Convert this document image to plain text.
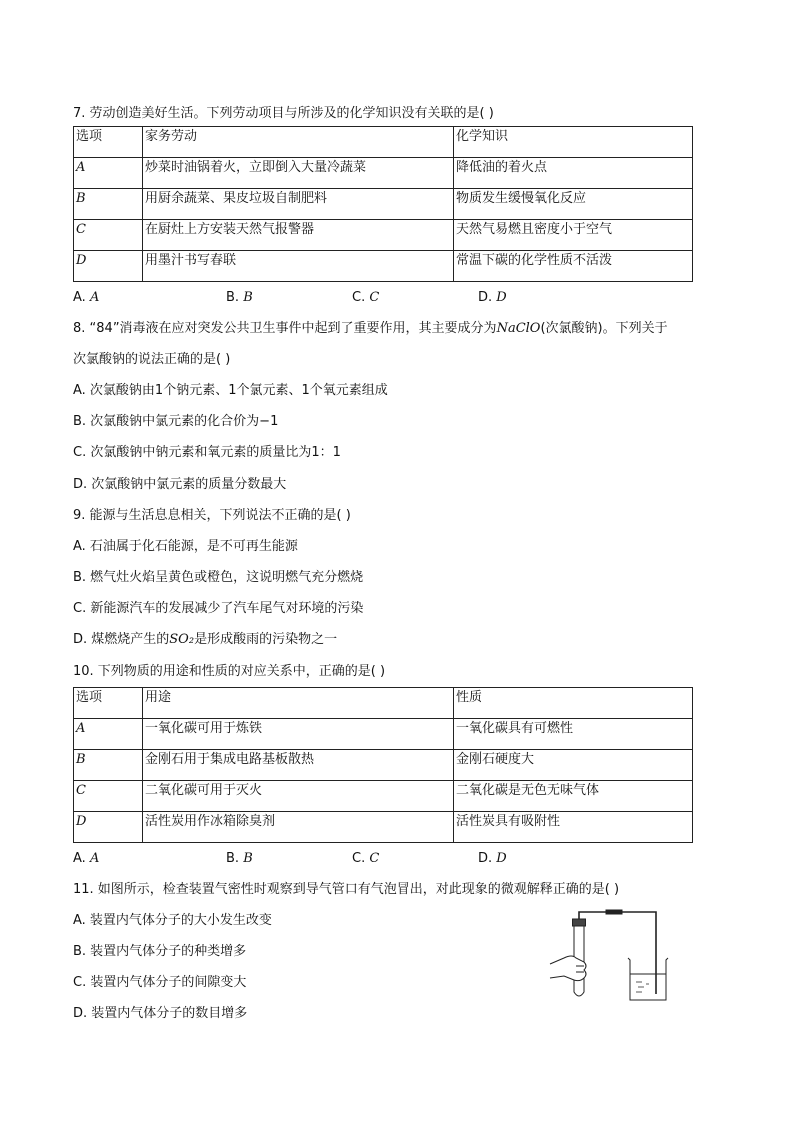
7. 劳动创造美好生活。下列劳动项目与所涉及的化学知识没有关联的是( )
选项	家务劳动	化学知识
A	炒菜时油锅着火，立即倒入大量冷蔬菜	降低油的着火点
B	用厨余蔬菜、果皮垃圾自制肥料	物质发生缓慢氧化反应
C	在厨灶上方安装天然气报警器	天然气易燃且密度小于空气
D	用墨汁书写春联	常温下碳的化学性质不活泼
A. A	B. B	C. C	D. D
8. “84”消毒液在应对突发公共卫生事件中起到了重要作用，其主要成分为NaClO(次氯酸钠)。下列关于
次氯酸钠的说法正确的是( )
A. 次氯酸钠由1个钠元素、1个氯元素、1个氧元素组成
B. 次氯酸钠中氯元素的化合价为−1
C. 次氯酸钠中钠元素和氧元素的质量比为1：1
D. 次氯酸钠中氯元素的质量分数最大
9. 能源与生活息息相关，下列说法不正确的是( )
A. 石油属于化石能源，是不可再生能源
B. 燃气灶火焰呈黄色或橙色，这说明燃气充分燃烧
C. 新能源汽车的发展减少了汽车尾气对环境的污染
D. 煤燃烧产生的SO₂是形成酸雨的污染物之一
10. 下列物质的用途和性质的对应关系中，正确的是( )
选项	用途	性质
A	一氧化碳可用于炼铁	一氧化碳具有可燃性
B	金刚石用于集成电路基板散热	金刚石硬度大
C	二氧化碳可用于灭火	二氧化碳是无色无味气体
D	活性炭用作冰箱除臭剂	活性炭具有吸附性
A. A	B. B	C. C	D. D
11. 如图所示，检查装置气密性时观察到导气管口有气泡冒出，对此现象的微观解释正确的是( )
A. 装置内气体分子的大小发生改变
B. 装置内气体分子的种类增多
C. 装置内气体分子的间隙变大
D. 装置内气体分子的数目增多
